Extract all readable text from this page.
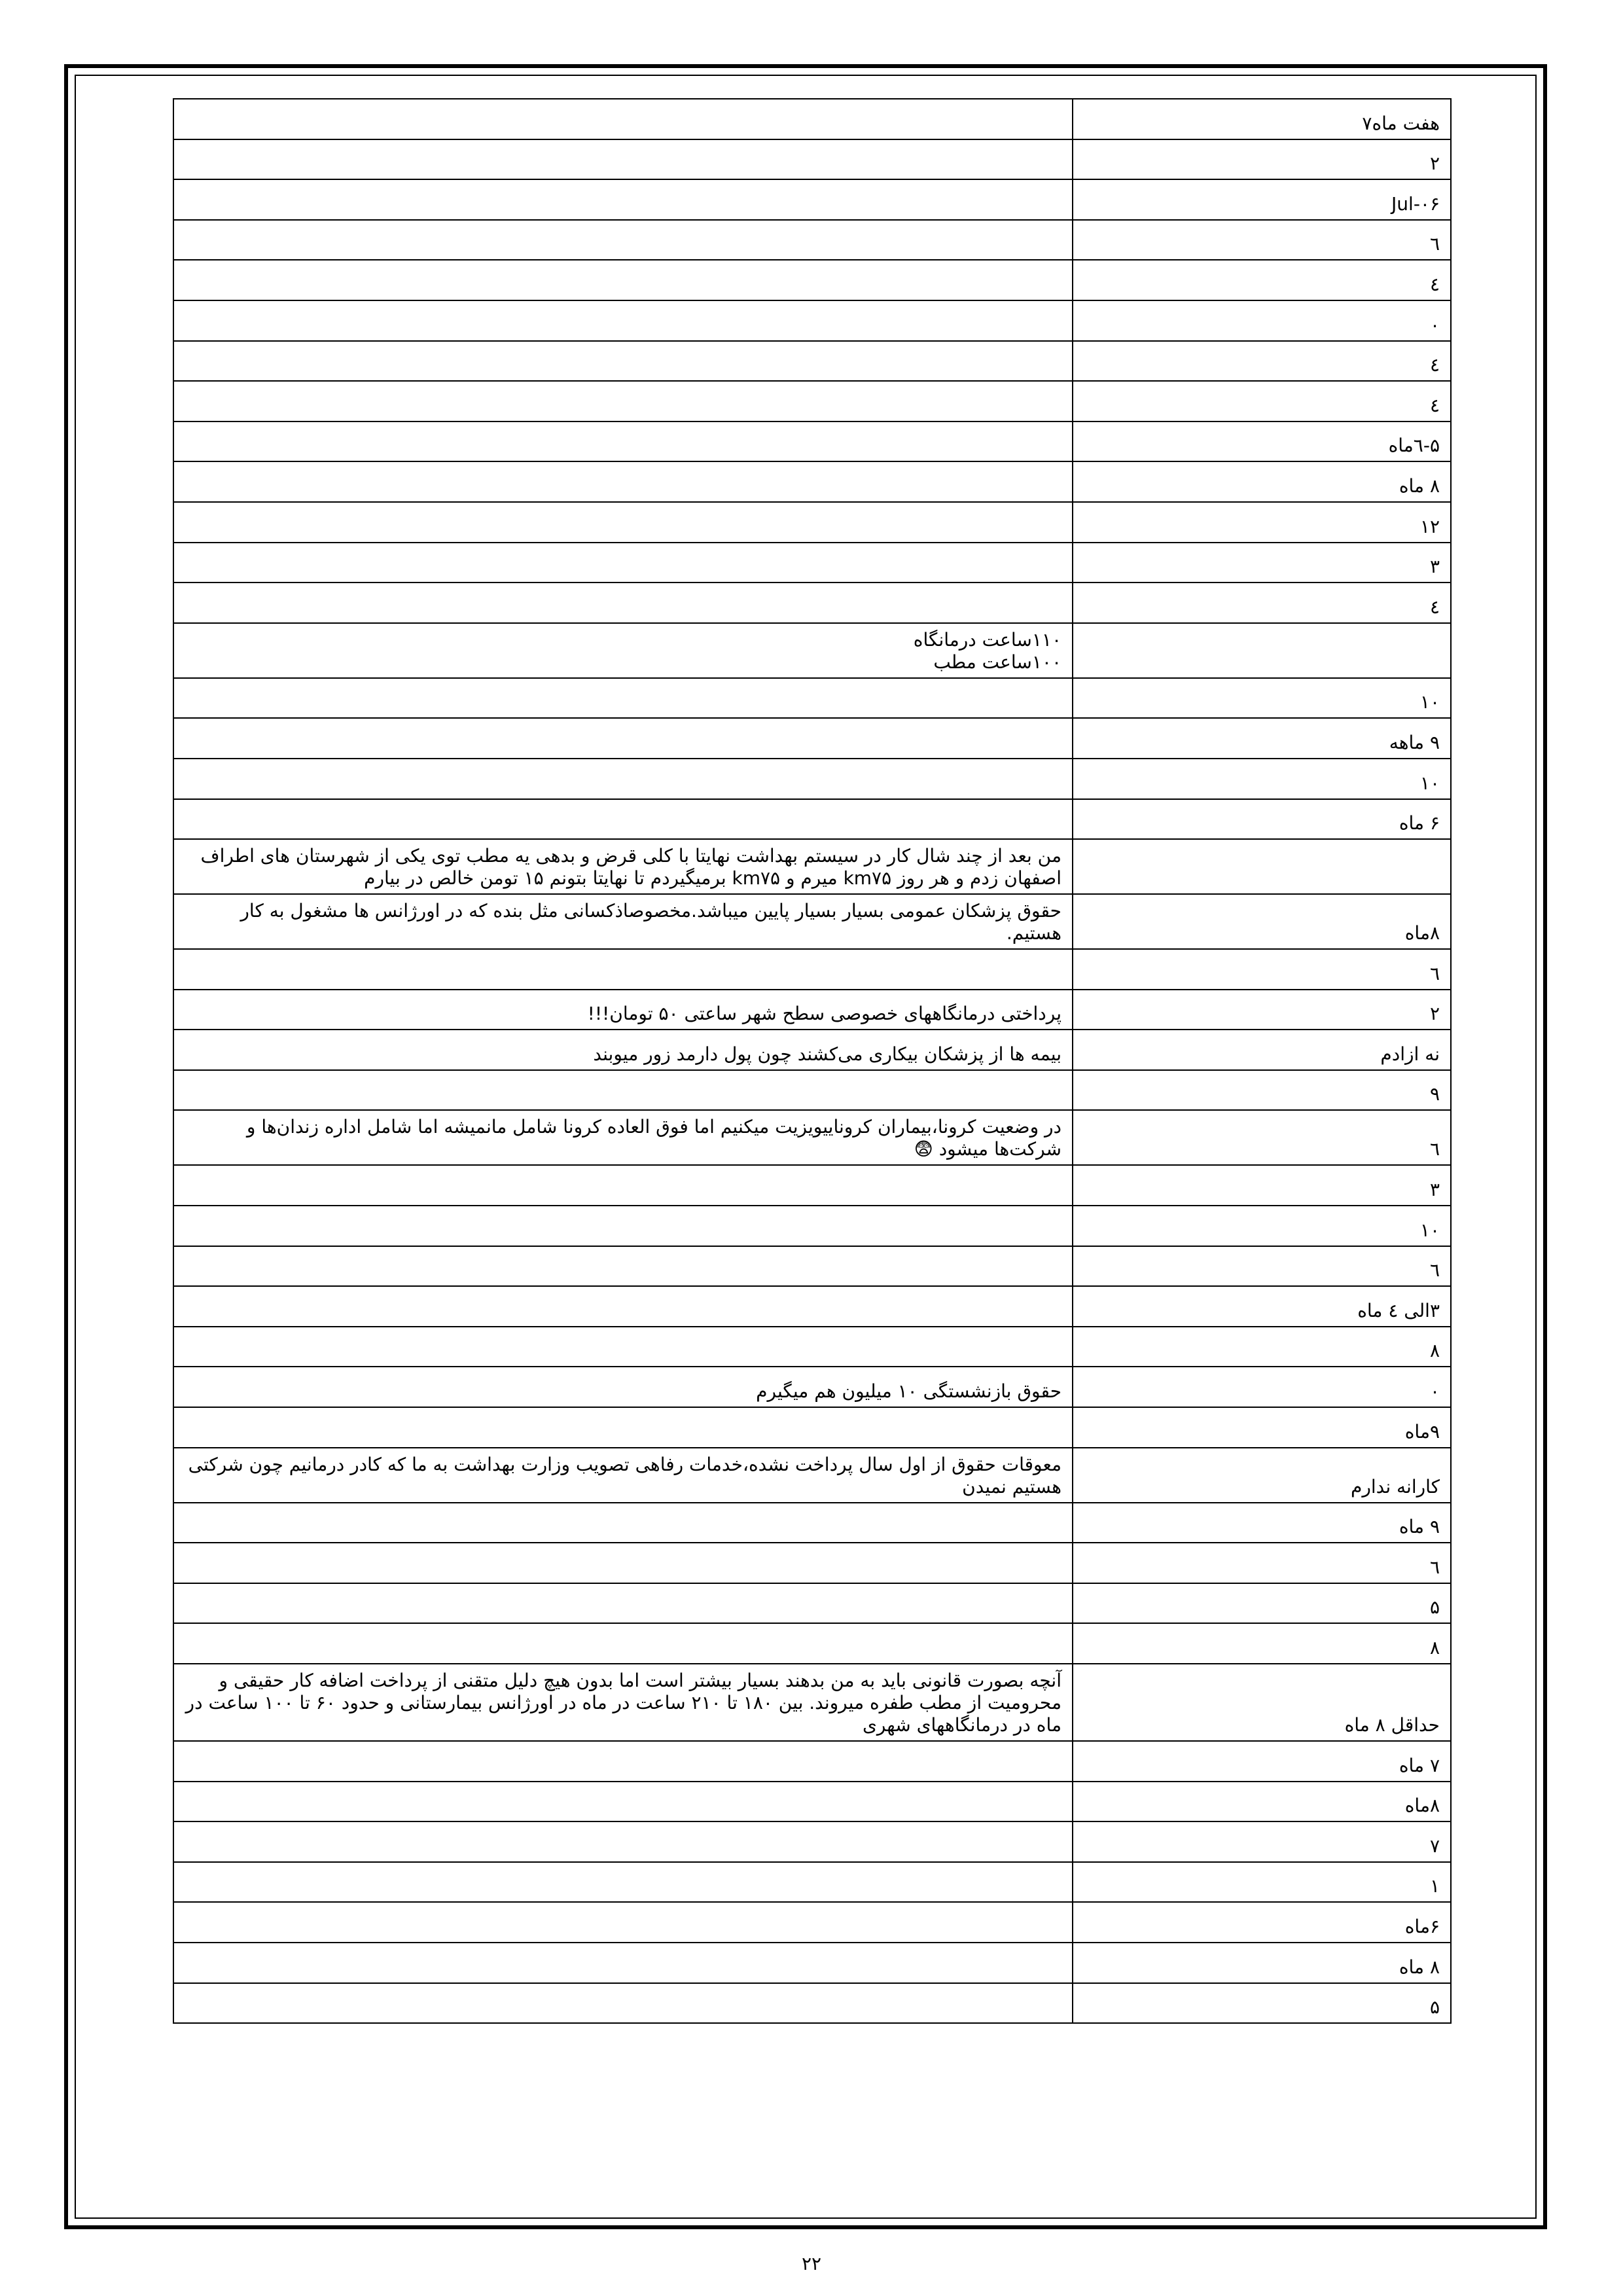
هفت ماه۷	
۲	
Jul-۰۶	
٦	
٤	
۰	
٤	
٤	
۵-٦ماه	
۸ ماه	
۱۲	
۳	
٤	
	۱۱۰ساعت درمانگاه
۱۰۰ساعت مطب
۱۰	
۹ ماهه	
۱۰	
۶ ماه	
	من بعد از چند شال کار در سیستم بهداشت نهایتا با کلی قرض و بدهی یه مطب توی یکی از شهرستان های اطراف اصفهان زدم و هر روز km۷۵ میرم و km۷۵ برمیگیردم تا نهایتا بتونم ۱۵ تومن خالص در بیارم
۸ماه	حقوق پزشکان عمومی بسیار بسیار پایین میباشد.مخصوصاذکسانی مثل بنده که در اورژانس ها مشغول به کار هستیم.
٦	
۲	پرداختی درمانگاههای خصوصی سطح شهر ساعتی ۵۰ تومان!!!
نه ازادم	بیمه ها از پزشکان بیکاری می‌کشند چون پول دارمد زور میوبند
۹	
٦	در وضعیت کرونا،بیماران کروناییویزیت میکنیم اما فوق العاده کرونا شامل مانمیشه اما شامل اداره زندان‌ها و شرکت‌ها میشود 😨
۳	
۱۰	
٦	
۳الی ٤ ماه	
۸	
۰	حقوق بازنشستگی ۱۰ میلیون هم میگیرم
۹ماه	
کارانه ندارم	معوقات حقوق از اول سال پرداخت نشده،خدمات رفاهی تصویب وزارت بهداشت به ما که کادر درمانیم چون شرکتی هستیم نمیدن
۹ ماه	
٦	
۵	
۸	
حداقل ۸ ماه	آنچه بصورت قانونی باید به من بدهند بسیار بیشتر است اما بدون هیچ دلیل متقنی از پرداخت اضافه کار حقیقی و محرومیت از مطب طفره میروند. بین ۱۸۰ تا ۲۱۰ ساعت در ماه در اورژانس بیمارستانی و حدود ۶۰ تا ۱۰۰ ساعت در ماه در درمانگاههای شهری
۷ ماه	
۸ماه	
۷	
۱	
۶ماه	
۸ ماه	
۵	
۲۲
